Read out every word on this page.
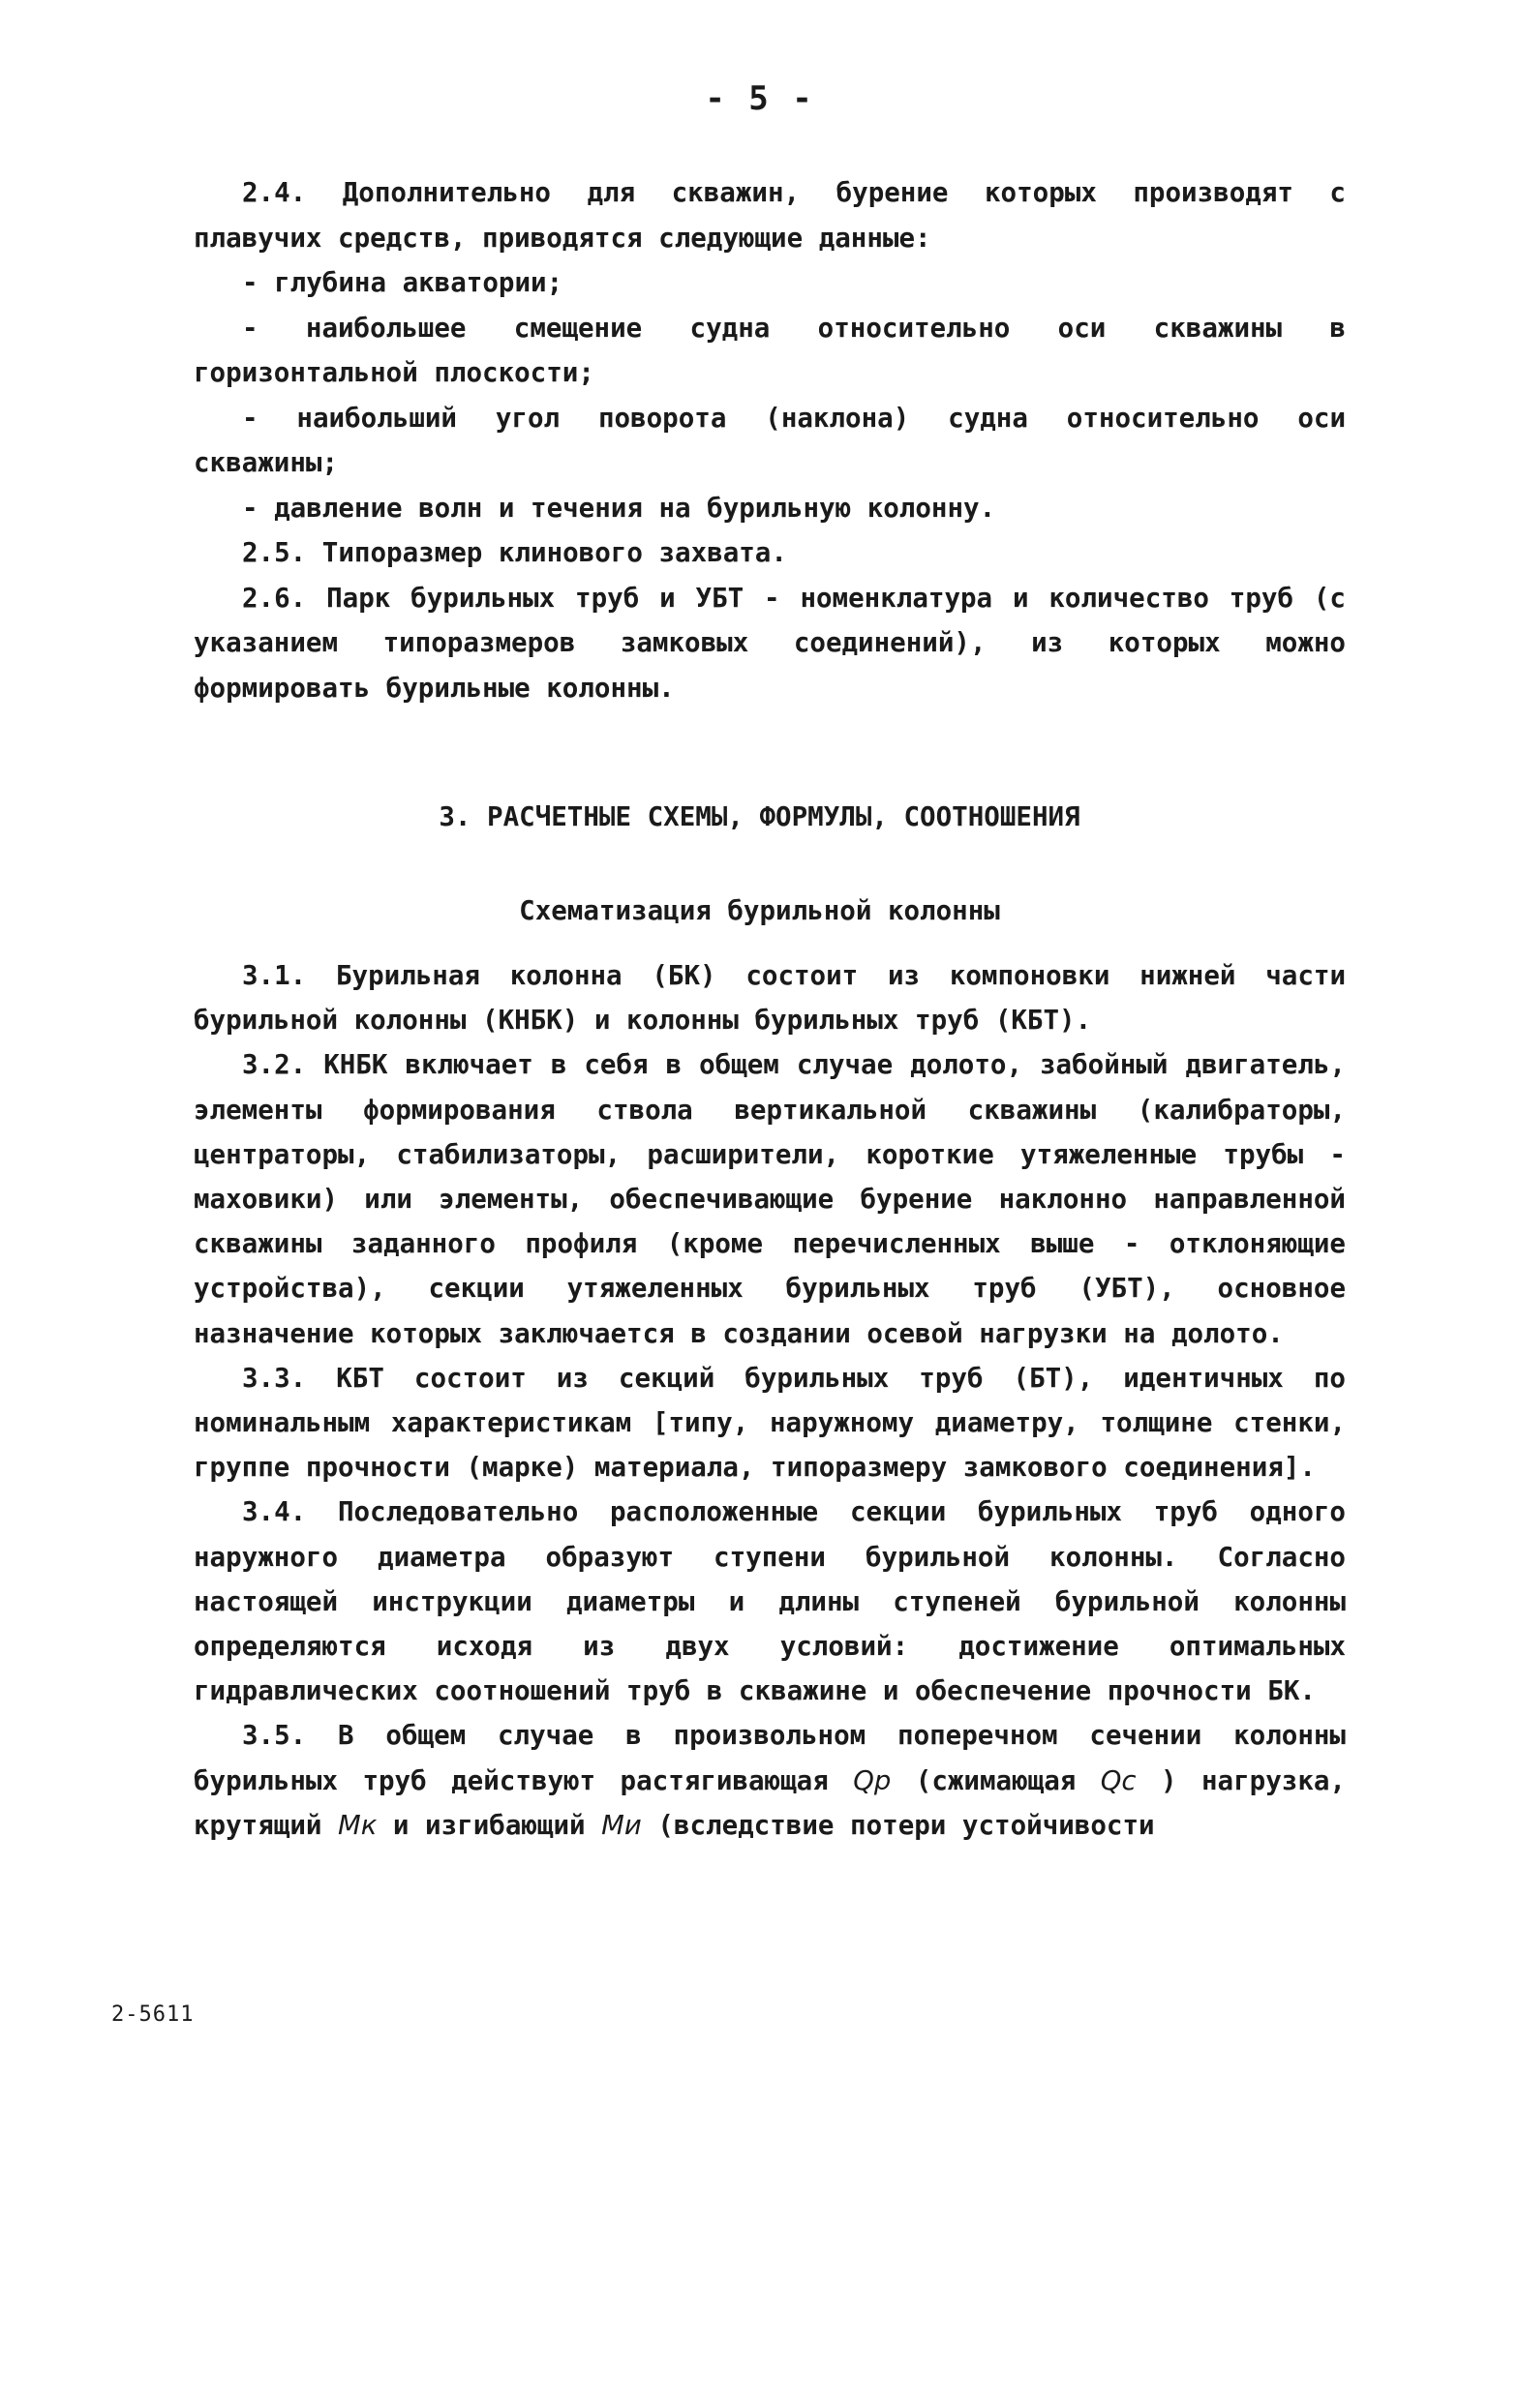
- 5 -

2.4. Дополнительно для скважин, бурение которых производят с плавучих средств, приводятся следующие данные:

- глубина акватории;

- наибольшее смещение судна относительно оси скважины в горизонтальной плоскости;

- наибольший угол поворота (наклона) судна относительно оси скважины;

- давление волн и течения на бурильную колонну.

2.5. Типоразмер клинового захвата.

2.6. Парк бурильных труб и УБТ - номенклатура и количество труб (с указанием типоразмеров замковых соединений), из которых можно формировать бурильные колонны.

3. РАСЧЕТНЫЕ СХЕМЫ, ФОРМУЛЫ, СООТНОШЕНИЯ
Схематизация бурильной колонны

3.1. Бурильная колонна (БК) состоит из компоновки нижней части бурильной колонны (КНБК) и колонны бурильных труб (КБТ).

3.2. КНБК включает в себя в общем случае долото, забойный двигатель, элементы формирования ствола вертикальной скважины (калибраторы, центраторы, стабилизаторы, расширители, короткие утяжеленные трубы - маховики) или элементы, обеспечивающие бурение наклонно направленной скважины заданного профиля (кроме перечисленных выше - отклоняющие устройства), секции утяжеленных бурильных труб (УБТ), основное назначение которых заключается в создании осевой нагрузки на долото.

3.3. КБТ состоит из секций бурильных труб (БТ), идентичных по номинальным характеристикам [типу, наружному диаметру, толщине стенки, группе прочности (марке) материала, типоразмеру замкового соединения].

3.4. Последовательно расположенные секции бурильных труб одного наружного диаметра образуют ступени бурильной колонны. Согласно настоящей инструкции диаметры и длины ступеней бурильной колонны определяются исходя из двух условий: достижение оптимальных гидравлических соотношений труб в скважине и обеспечение прочности БК.

3.5. В общем случае в произвольном поперечном сечении колонны бурильных труб действуют растягивающая Qp (сжимающая Qc ) нагрузка, крутящий Mк и изгибающий Mи (вследствие потери устойчивости

2-5611
